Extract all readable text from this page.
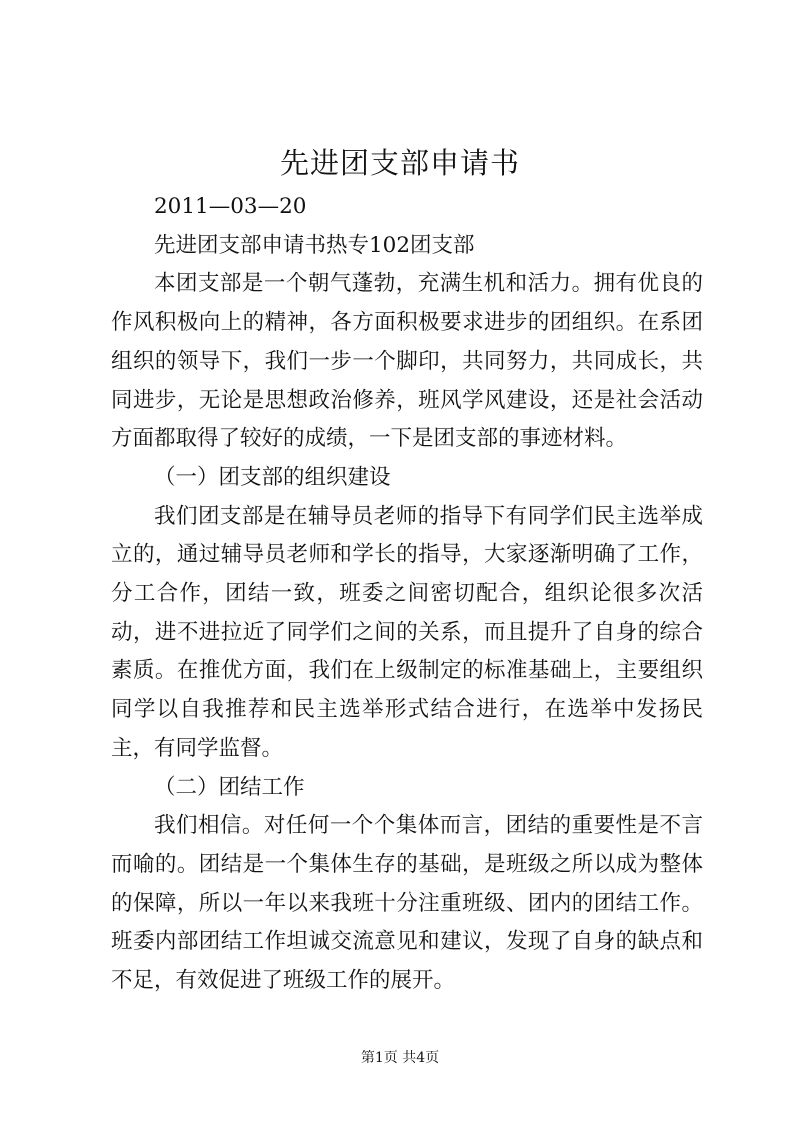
先进团支部申请书

2011—03—20

先进团支部申请书热专102团支部

本团支部是一个朝气蓬勃，充满生机和活力。拥有优良的作风积极向上的精神，各方面积极要求进步的团组织。在系团组织的领导下，我们一步一个脚印，共同努力，共同成长，共同进步，无论是思想政治修养，班风学风建设，还是社会活动方面都取得了较好的成绩，一下是团支部的事迹材料。

（一）团支部的组织建设

我们团支部是在辅导员老师的指导下有同学们民主选举成立的，通过辅导员老师和学长的指导，大家逐渐明确了工作，分工合作，团结一致，班委之间密切配合，组织论很多次活动，进不进拉近了同学们之间的关系，而且提升了自身的综合素质。在推优方面，我们在上级制定的标准基础上，主要组织同学以自我推荐和民主选举形式结合进行，在选举中发扬民主，有同学监督。

（二）团结工作

我们相信。对任何一个个集体而言，团结的重要性是不言而喻的。团结是一个集体生存的基础，是班级之所以成为整体的保障，所以一年以来我班十分注重班级、团内的团结工作。班委内部团结工作坦诚交流意见和建议，发现了自身的缺点和不足，有效促进了班级工作的展开。

第1页 共4页
